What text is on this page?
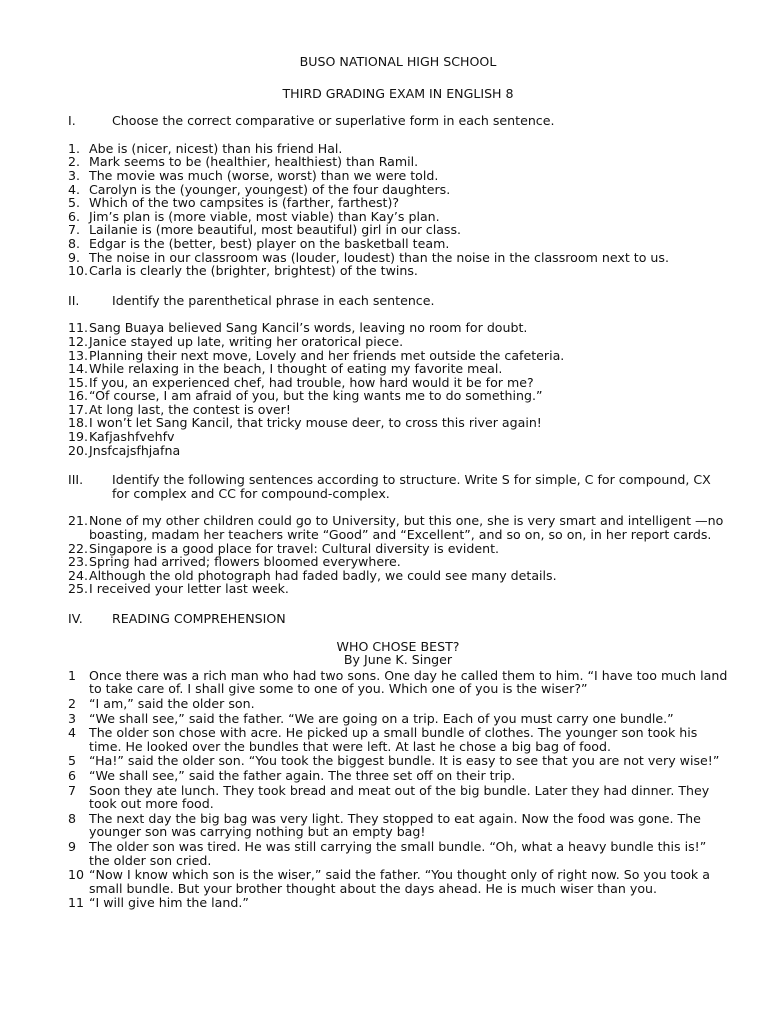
BUSO NATIONAL HIGH SCHOOL
THIRD GRADING EXAM IN ENGLISH 8
I.	Choose the correct comparative or superlative form in each sentence.
1. Abe is (nicer, nicest) than his friend Hal.
2. Mark seems to be (healthier, healthiest) than Ramil.
3. The movie was much (worse, worst) than we were told.
4. Carolyn is the (younger, youngest) of the four daughters.
5. Which of the two campsites is (farther, farthest)?
6. Jim’s plan is (more viable, most viable) than Kay’s plan.
7. Lailanie is (more beautiful, most beautiful) girl in our class.
8. Edgar is the (better, best) player on the basketball team.
9. The noise in our classroom was (louder, loudest) than the noise in the classroom next to us.
10. Carla is clearly the (brighter, brightest) of the twins.
II.	Identify the parenthetical phrase in each sentence.
11. Sang Buaya believed Sang Kancil’s words, leaving no room for doubt.
12. Janice stayed up late, writing her oratorical piece.
13. Planning their next move, Lovely and her friends met outside the cafeteria.
14. While relaxing in the beach, I thought of eating my favorite meal.
15. If you, an experienced chef, had trouble, how hard would it be for me?
16. “Of course, I am afraid of you, but the king wants me to do something.”
17. At long last, the contest is over!
18. I won’t let Sang Kancil, that tricky mouse deer, to cross this river again!
19. Kafjashfvehfv
20. Jnsfcajsfhjafna
III.	Identify the following sentences according to structure. Write S for simple, C for compound, CX for complex and CC for compound-complex.
21. None of my other children could go to University, but this one, she is very smart and intelligent —no boasting, madam her teachers write “Good” and “Excellent”, and so on, so on, in her report cards.
22. Singapore is a good place for travel: Cultural diversity is evident.
23. Spring had arrived; flowers bloomed everywhere.
24. Although the old photograph had faded badly, we could see many details.
25. I received your letter last week.
IV.	READING COMPREHENSION
WHO CHOSE BEST?
By June K. Singer
1	Once there was a rich man who had two sons. One day he called them to him. “I have too much land to take care of. I shall give some to one of you. Which one of you is the wiser?”
2	“I am,” said the older son.
3	“We shall see,” said the father. “We are going on a trip. Each of you must carry one bundle.”
4	The older son chose with acre. He picked up a small bundle of clothes. The younger son took his time. He looked over the bundles that were left. At last he chose a big bag of food.
5	“Ha!” said the older son. “You took the biggest bundle. It is easy to see that you are not very wise!”
6	“We shall see,” said the father again. The three set off on their trip.
7	Soon they ate lunch. They took bread and meat out of the big bundle. Later they had dinner. They took out more food.
8	The next day the big bag was very light. They stopped to eat again. Now the food was gone. The younger son was carrying nothing but an empty bag!
9	The older son was tired. He was still carrying the small bundle. “Oh, what a heavy bundle this is!” the older son cried.
10 “Now I know which son is the wiser,” said the father. “You thought only of right now. So you took a small bundle. But your brother thought about the days ahead. He is much wiser than you.
11 “I will give him the land.”
